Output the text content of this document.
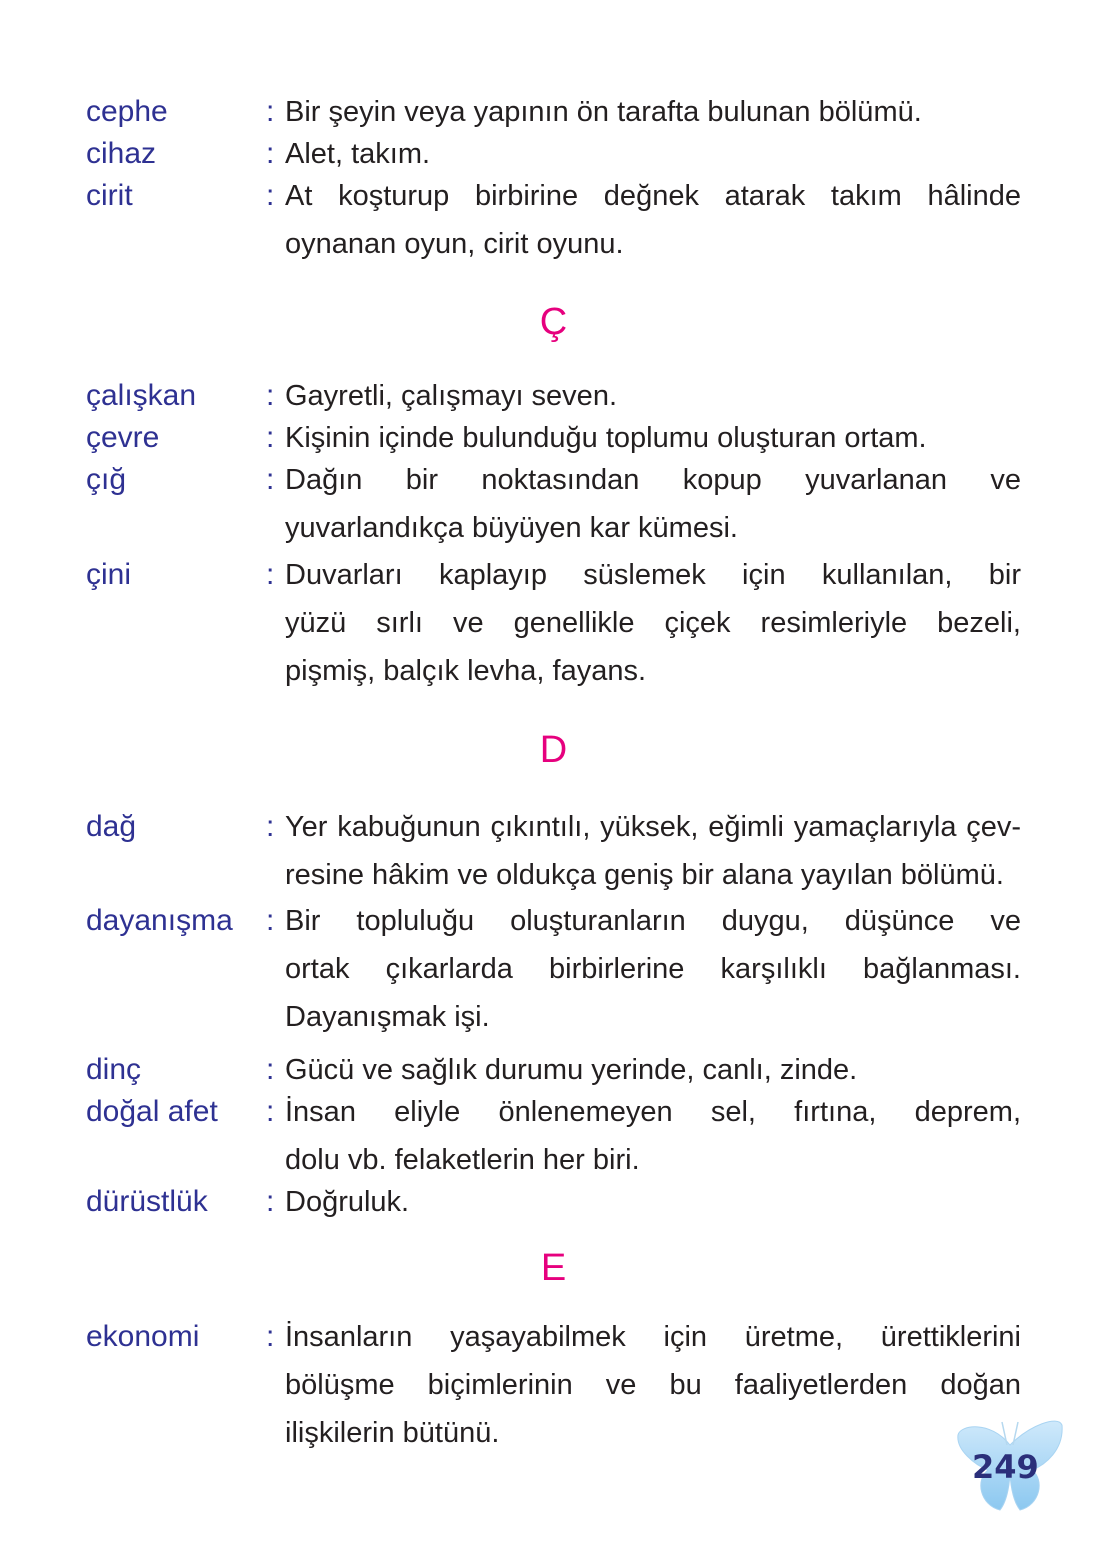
cephe	: Bir şeyin veya yapının ön tarafta bulunan bölümü.
cihaz	: Alet, takım.
cirit	: At koşturup birbirine değnek atarak takım hâlinde
oynanan oyun, cirit oyunu.
Ç
çalışkan	: Gayretli, çalışmayı seven.
çevre	: Kişinin içinde bulunduğu toplumu oluşturan ortam.
çığ	: Dağın bir noktasından kopup yuvarlanan ve
yuvarlandıkça büyüyen kar kümesi.
çini	: Duvarları kaplayıp süslemek için kullanılan, bir
yüzü sırlı ve genellikle çiçek resimleriyle bezeli,
pişmiş, balçık levha, fayans.
D
dağ	: Yer kabuğunun çıkıntılı, yüksek, eğimli yamaçlarıyla çev-
resine hâkim ve oldukça geniş bir alana yayılan bölümü.
dayanışma	: Bir topluluğu oluşturanların duygu, düşünce ve
ortak çıkarlarda birbirlerine karşılıklı bağlanması.
Dayanışmak işi.
dinç	: Gücü ve sağlık durumu yerinde, canlı, zinde.
doğal afet	: İnsan eliyle önlenemeyen sel, fırtına, deprem,
dolu vb. felaketlerin her biri.
dürüstlük	: Doğruluk.
E
ekonomi	: İnsanların yaşayabilmek için üretme, ürettiklerini
bölüşme biçimlerinin ve bu faaliyetlerden doğan
ilişkilerin bütünü.
249
